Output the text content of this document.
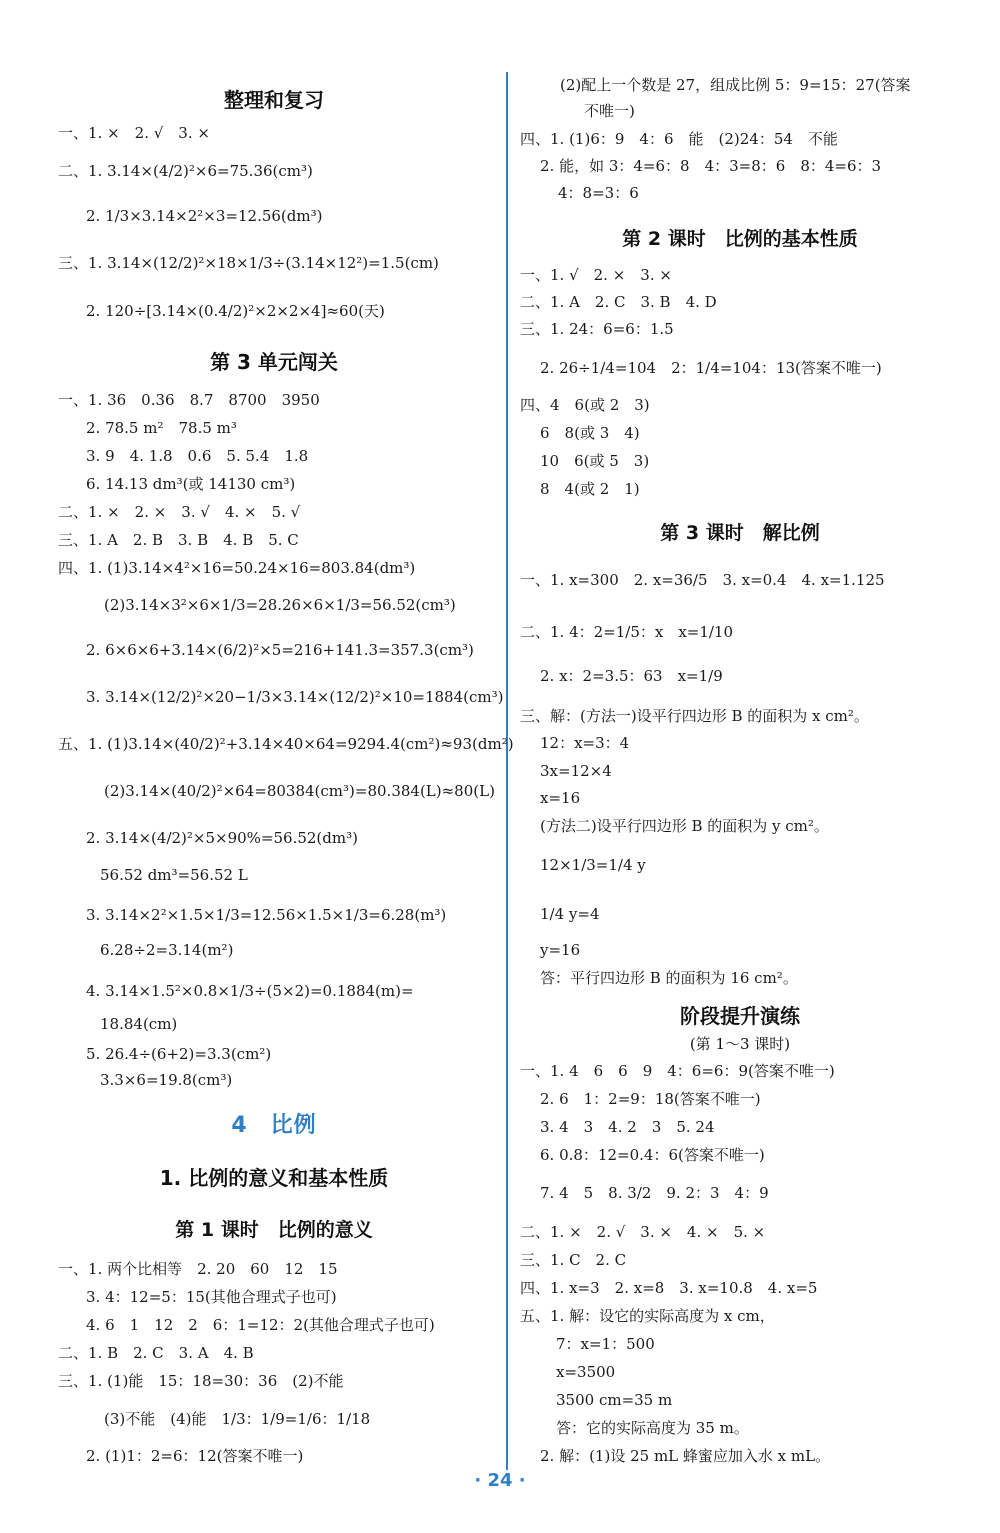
整理和复习
一、1. ×　2. √　3. ×
二、1. 3.14×(4/2)²×6=75.36(cm³)
2. 1/3×3.14×2²×3=12.56(dm³)
三、1. 3.14×(12/2)²×18×1/3÷(3.14×12²)=1.5(cm)
2. 120÷[3.14×(0.4/2)²×2×2×4]≈60(天)
第 3 单元闯关
一、1. 36　0.36　8.7　8700　3950
2. 78.5 m²　78.5 m³
3. 9　4. 1.8　0.6　5. 5.4　1.8
6. 14.13 dm³(或 14130 cm³)
二、1. ×　2. ×　3. √　4. ×　5. √
三、1. A　2. B　3. B　4. B　5. C
四、1. (1)3.14×4²×16=50.24×16=803.84(dm³)
(2)3.14×3²×6×1/3=28.26×6×1/3=56.52(cm³)
2. 6×6×6+3.14×(6/2)²×5=216+141.3=357.3(cm³)
3. 3.14×(12/2)²×20−1/3×3.14×(12/2)²×10=1884(cm³)
五、1. (1)3.14×(40/2)²+3.14×40×64=9294.4(cm²)≈93(dm²)
(2)3.14×(40/2)²×64=80384(cm³)=80.384(L)≈80(L)
2. 3.14×(4/2)²×5×90%=56.52(dm³)
56.52 dm³=56.52 L
3. 3.14×2²×1.5×1/3=12.56×1.5×1/3=6.28(m³)
6.28÷2=3.14(m²)
4. 3.14×1.5²×0.8×1/3÷(5×2)=0.1884(m)=
18.84(cm)
5. 26.4÷(6+2)=3.3(cm²)
3.3×6=19.8(cm³)
4　比例
1. 比例的意义和基本性质
第 1 课时　比例的意义
一、1. 两个比相等　2. 20　60　12　15
3. 4：12=5：15(其他合理式子也可)
4. 6　1　12　2　6：1=12：2(其他合理式子也可)
二、1. B　2. C　3. A　4. B
三、1. (1)能　15：18=30：36　(2)不能
(3)不能　(4)能　1/3：1/9=1/6：1/18
2. (1)1：2=6：12(答案不唯一)
(2)配上一个数是 27，组成比例 5：9=15：27(答案
不唯一)
四、1. (1)6：9　4：6　能　(2)24：54　不能
2. 能，如 3：4=6：8　4：3=8：6　8：4=6：3
4：8=3：6
第 2 课时　比例的基本性质
一、1. √　2. ×　3. ×
二、1. A　2. C　3. B　4. D
三、1. 24：6=6：1.5
2. 26÷1/4=104　2：1/4=104：13(答案不唯一)
四、4　6(或 2　3)
6　8(或 3　4)
10　6(或 5　3)
8　4(或 2　1)
第 3 课时　解比例
一、1. x=300　2. x=36/5　3. x=0.4　4. x=1.125
二、1. 4：2=1/5：x　x=1/10
2. x：2=3.5：63　x=1/9
三、解：(方法一)设平行四边形 B 的面积为 x cm²。
12：x=3：4
3x=12×4
x=16
(方法二)设平行四边形 B 的面积为 y cm²。
12×1/3=1/4 y
1/4 y=4
y=16
答：平行四边形 B 的面积为 16 cm²。
阶段提升演练
(第 1～3 课时)
一、1. 4　6　6　9　4：6=6：9(答案不唯一)
2. 6　1：2=9：18(答案不唯一)
3. 4　3　4. 2　3　5. 24
6. 0.8：12=0.4：6(答案不唯一)
7. 4　5　8. 3/2　9. 2：3　4：9
二、1. ×　2. √　3. ×　4. ×　5. ×
三、1. C　2. C
四、1. x=3　2. x=8　3. x=10.8　4. x=5
五、1. 解：设它的实际高度为 x cm，
7：x=1：500
x=3500
3500 cm=35 m
答：它的实际高度为 35 m。
2. 解：(1)设 25 mL 蜂蜜应加入水 x mL。
· 24 ·
